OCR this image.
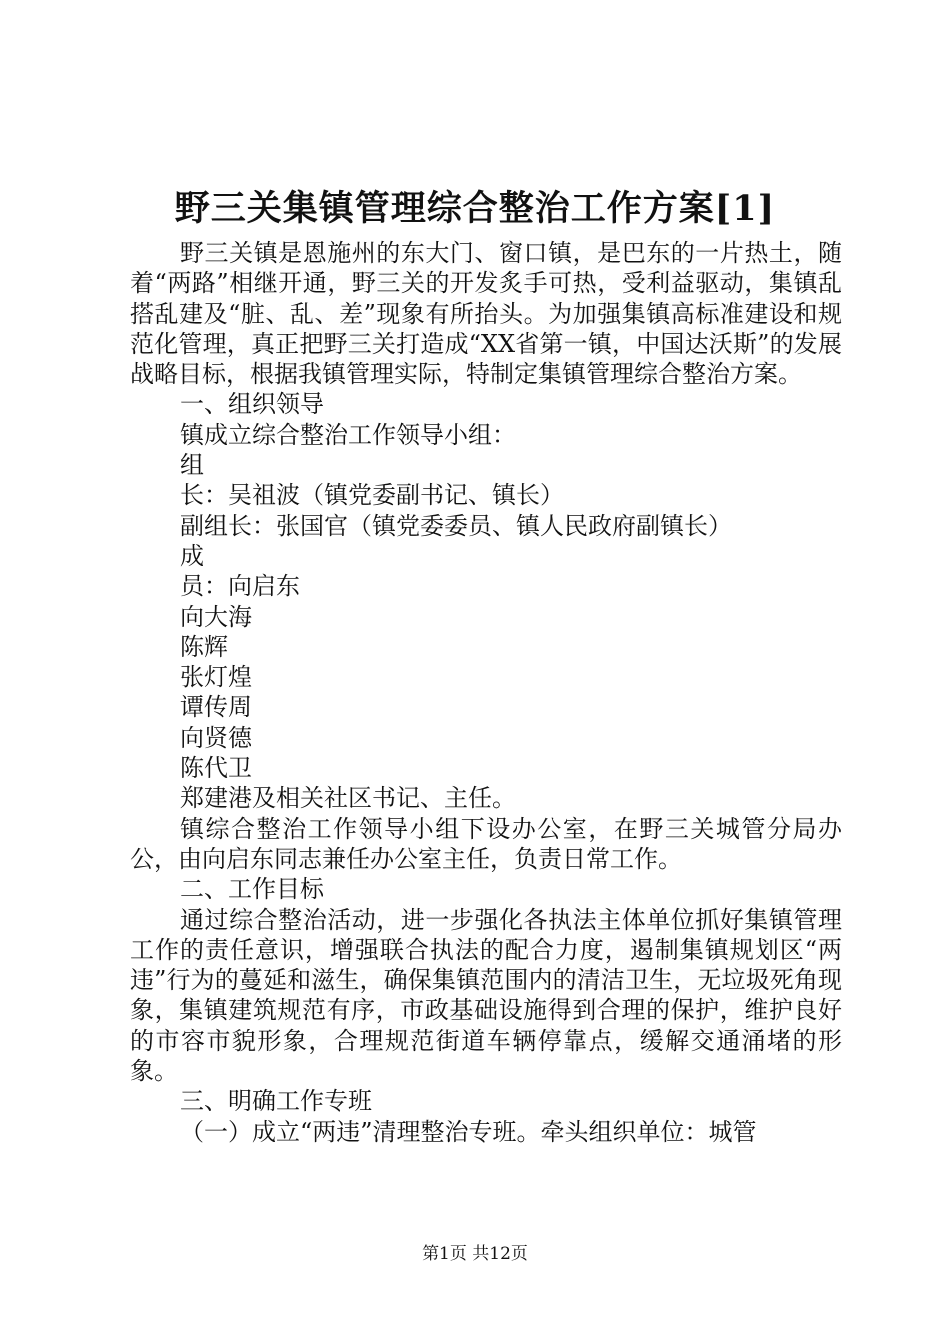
野三关集镇管理综合整治工作方案[1]

野三关镇是恩施州的东大门、窗口镇，是巴东的一片热土，随着“两路”相继开通，野三关的开发炙手可热，受利益驱动，集镇乱搭乱建及“脏、乱、差”现象有所抬头。为加强集镇高标准建设和规范化管理，真正把野三关打造成“XX省第一镇，中国达沃斯”的发展战略目标，根据我镇管理实际，特制定集镇管理综合整治方案。

一、组织领导

镇成立综合整治工作领导小组：

组

长：吴祖波（镇党委副书记、镇长）

副组长：张国官（镇党委委员、镇人民政府副镇长）

成

员：向启东

向大海

陈辉

张灯煌

谭传周

向贤德

陈代卫

郑建港及相关社区书记、主任。

镇综合整治工作领导小组下设办公室，在野三关城管分局办公，由向启东同志兼任办公室主任，负责日常工作。

二、工作目标

通过综合整治活动，进一步强化各执法主体单位抓好集镇管理工作的责任意识，增强联合执法的配合力度，遏制集镇规划区“两违”行为的蔓延和滋生，确保集镇范围内的清洁卫生，无垃圾死角现象，集镇建筑规范有序，市政基础设施得到合理的保护，维护良好的市容市貌形象，合理规范街道车辆停靠点，缓解交通涌堵的形象。

三、明确工作专班

（一）成立“两违”清理整治专班。牵头组织单位：城管

第1页 共12页
